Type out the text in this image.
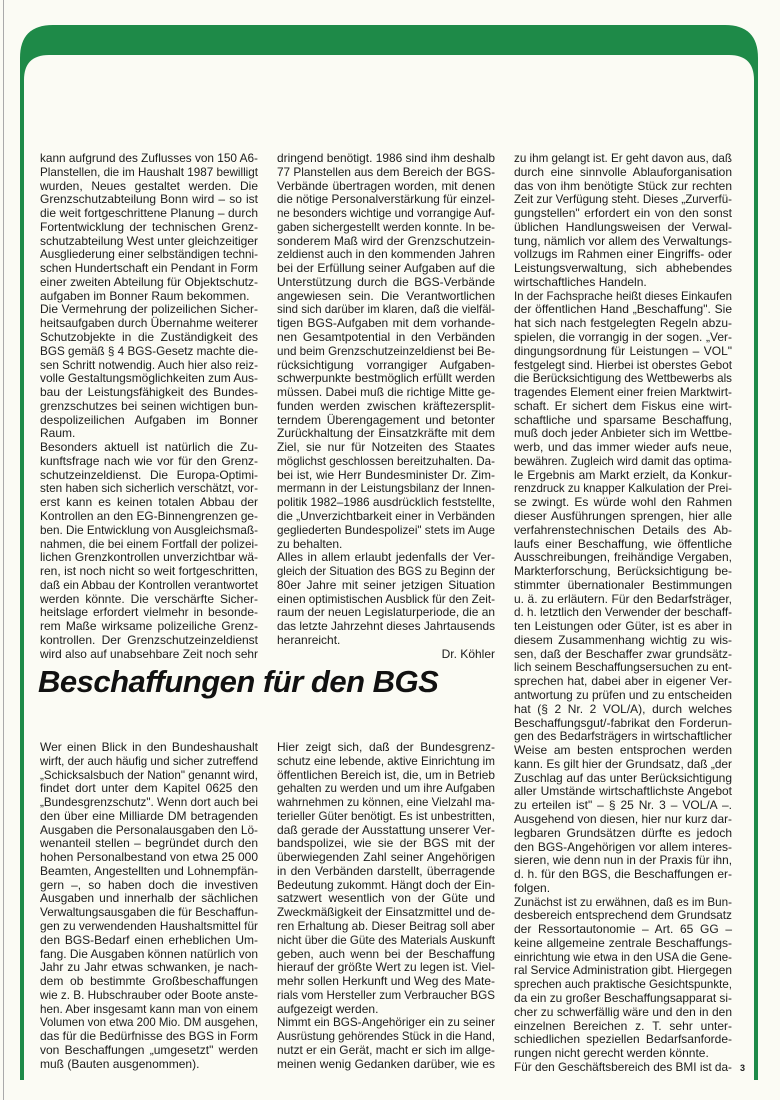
kann aufgrund des Zuflusses von 150 A6-
Planstellen, die im Haushalt 1987 bewilligt
wurden, Neues gestaltet werden. Die
Grenzschutzabteilung Bonn wird – so ist
die weit fortgeschrittene Planung – durch
Fortentwicklung der technischen Grenz-
schutzabteilung West unter gleichzeitiger
Ausgliederung einer selbständigen techni-
schen Hundertschaft ein Pendant in Form
einer zweiten Abteilung für Objektschutz-
aufgaben im Bonner Raum bekommen.
Die Vermehrung der polizeilichen Sicher-
heitsaufgaben durch Übernahme weiterer
Schutzobjekte in die Zuständigkeit des
BGS gemäß § 4 BGS-Gesetz machte die-
sen Schritt notwendig. Auch hier also reiz-
volle Gestaltungsmöglichkeiten zum Aus-
bau der Leistungsfähigkeit des Bundes-
grenzschutzes bei seinen wichtigen bun-
despolizeilichen Aufgaben im Bonner
Raum.
Besonders aktuell ist natürlich die Zu-
kunftsfrage nach wie vor für den Grenz-
schutzeinzeldienst. Die Europa-Optimi-
sten haben sich sicherlich verschätzt, vor-
erst kann es keinen totalen Abbau der
Kontrollen an den EG-Binnengrenzen ge-
ben. Die Entwicklung von Ausgleichsmaß-
nahmen, die bei einem Fortfall der polizei-
lichen Grenzkontrollen unverzichtbar wä-
ren, ist noch nicht so weit fortgeschritten,
daß ein Abbau der Kontrollen verantwortet
werden könnte. Die verschärfte Sicher-
heitslage erfordert vielmehr in besonde-
rem Maße wirksame polizeiliche Grenz-
kontrollen. Der Grenzschutzeinzeldienst
wird also auf unabsehbare Zeit noch sehr
dringend benötigt. 1986 sind ihm deshalb
77 Planstellen aus dem Bereich der BGS-
Verbände übertragen worden, mit denen
die nötige Personalverstärkung für einzel-
ne besonders wichtige und vorrangige Auf-
gaben sichergestellt werden konnte. In be-
sonderem Maß wird der Grenzschutzein-
zeldienst auch in den kommenden Jahren
bei der Erfüllung seiner Aufgaben auf die
Unterstützung durch die BGS-Verbände
angewiesen sein. Die Verantwortlichen
sind sich darüber im klaren, daß die vielfäl-
tigen BGS-Aufgaben mit dem vorhande-
nen Gesamtpotential in den Verbänden
und beim Grenzschutzeinzeldienst bei Be-
rücksichtigung vorrangiger Aufgaben-
schwerpunkte bestmöglich erfüllt werden
müssen. Dabei muß die richtige Mitte ge-
funden werden zwischen kräftezersplit-
terndem Überengagement und betonter
Zurückhaltung der Einsatzkräfte mit dem
Ziel, sie nur für Notzeiten des Staates
möglichst geschlossen bereitzuhalten. Da-
bei ist, wie Herr Bundesminister Dr. Zim-
mermann in der Leistungsbilanz der Innen-
politik 1982–1986 ausdrücklich feststellte,
die „Unverzichtbarkeit einer in Verbänden
gegliederten Bundespolizei" stets im Auge
zu behalten.
Alles in allem erlaubt jedenfalls der Ver-
gleich der Situation des BGS zu Beginn der
80er Jahre mit seiner jetzigen Situation
einen optimistischen Ausblick für den Zeit-
raum der neuen Legislaturperiode, die an
das letzte Jahrzehnt dieses Jahrtausends
heranreicht.
Dr. Köhler
Beschaffungen für den BGS
Wer einen Blick in den Bundeshaushalt
wirft, der auch häufig und sicher zutreffend
„Schicksalsbuch der Nation" genannt wird,
findet dort unter dem Kapitel 0625 den
„Bundesgrenzschutz". Wenn dort auch bei
den über eine Milliarde DM betragenden
Ausgaben die Personalausgaben den Lö-
wenanteil stellen – begründet durch den
hohen Personalbestand von etwa 25 000
Beamten, Angestellten und Lohnempfän-
gern –, so haben doch die investiven
Ausgaben und innerhalb der sächlichen
Verwaltungsausgaben die für Beschaffun-
gen zu verwendenden Haushaltsmittel für
den BGS-Bedarf einen erheblichen Um-
fang. Die Ausgaben können natürlich von
Jahr zu Jahr etwas schwanken, je nach-
dem ob bestimmte Großbeschaffungen
wie z. B. Hubschrauber oder Boote anste-
hen. Aber insgesamt kann man von einem
Volumen von etwa 200 Mio. DM ausgehen,
das für die Bedürfnisse des BGS in Form
von Beschaffungen „umgesetzt" werden
muß (Bauten ausgenommen).
Hier zeigt sich, daß der Bundesgrenz-
schutz eine lebende, aktive Einrichtung im
öffentlichen Bereich ist, die, um in Betrieb
gehalten zu werden und um ihre Aufgaben
wahrnehmen zu können, eine Vielzahl ma-
terieller Güter benötigt. Es ist unbestritten,
daß gerade der Ausstattung unserer Ver-
bandspolizei, wie sie der BGS mit der
überwiegenden Zahl seiner Angehörigen
in den Verbänden darstellt, überragende
Bedeutung zukommt. Hängt doch der Ein-
satzwert wesentlich von der Güte und
Zweckmäßigkeit der Einsatzmittel und de-
ren Erhaltung ab. Dieser Beitrag soll aber
nicht über die Güte des Materials Auskunft
geben, auch wenn bei der Beschaffung
hierauf der größte Wert zu legen ist. Viel-
mehr sollen Herkunft und Weg des Mate-
rials vom Hersteller zum Verbraucher BGS
aufgezeigt werden.
Nimmt ein BGS-Angehöriger ein zu seiner
Ausrüstung gehörendes Stück in die Hand,
nutzt er ein Gerät, macht er sich im allge-
meinen wenig Gedanken darüber, wie es
zu ihm gelangt ist. Er geht davon aus, daß
durch eine sinnvolle Ablauforganisation
das von ihm benötigte Stück zur rechten
Zeit zur Verfügung steht. Dieses „Zurverfü-
gungstellen" erfordert ein von den sonst
üblichen Handlungsweisen der Verwal-
tung, nämlich vor allem des Verwaltungs-
vollzugs im Rahmen einer Eingriffs- oder
Leistungsverwaltung, sich abhebendes
wirtschaftliches Handeln.
In der Fachsprache heißt dieses Einkaufen
der öffentlichen Hand „Beschaffung". Sie
hat sich nach festgelegten Regeln abzu-
spielen, die vorrangig in der sogen. „Ver-
dingungsordnung für Leistungen – VOL"
festgelegt sind. Hierbei ist oberstes Gebot
die Berücksichtigung des Wettbewerbs als
tragendes Element einer freien Marktwirt-
schaft. Er sichert dem Fiskus eine wirt-
schaftliche und sparsame Beschaffung,
muß doch jeder Anbieter sich im Wettbe-
werb, und das immer wieder aufs neue,
bewähren. Zugleich wird damit das optima-
le Ergebnis am Markt erzielt, da Konkur-
renzdruck zu knapper Kalkulation der Prei-
se zwingt. Es würde wohl den Rahmen
dieser Ausführungen sprengen, hier alle
verfahrenstechnischen Details des Ab-
laufs einer Beschaffung, wie öffentliche
Ausschreibungen, freihändige Vergaben,
Markterforschung, Berücksichtigung be-
stimmter übernationaler Bestimmungen
u. ä. zu erläutern. Für den Bedarfsträger,
d. h. letztlich den Verwender der beschaff-
ten Leistungen oder Güter, ist es aber in
diesem Zusammenhang wichtig zu wis-
sen, daß der Beschaffer zwar grundsätz-
lich seinem Beschaffungsersuchen zu ent-
sprechen hat, dabei aber in eigener Ver-
antwortung zu prüfen und zu entscheiden
hat (§ 2 Nr. 2 VOL/A), durch welches
Beschaffungsgut/-fabrikat den Forderun-
gen des Bedarfsträgers in wirtschaftlicher
Weise am besten entsprochen werden
kann. Es gilt hier der Grundsatz, daß „der
Zuschlag auf das unter Berücksichtigung
aller Umstände wirtschaftlichste Angebot
zu erteilen ist" – § 25 Nr. 3 – VOL/A –.
Ausgehend von diesen, hier nur kurz dar-
legbaren Grundsätzen dürfte es jedoch
den BGS-Angehörigen vor allem interes-
sieren, wie denn nun in der Praxis für ihn,
d. h. für den BGS, die Beschaffungen er-
folgen.
Zunächst ist zu erwähnen, daß es im Bun-
desbereich entsprechend dem Grundsatz
der Ressortautonomie – Art. 65 GG –
keine allgemeine zentrale Beschaffungs-
einrichtung wie etwa in den USA die Gene-
ral Service Administration gibt. Hiergegen
sprechen auch praktische Gesichtspunkte,
da ein zu großer Beschaffungsapparat si-
cher zu schwerfällig wäre und den in den
einzelnen Bereichen z. T. sehr unter-
schiedlichen speziellen Bedarfsanforde-
rungen nicht gerecht werden könnte.
Für den Geschäftsbereich des BMI ist da- 3
